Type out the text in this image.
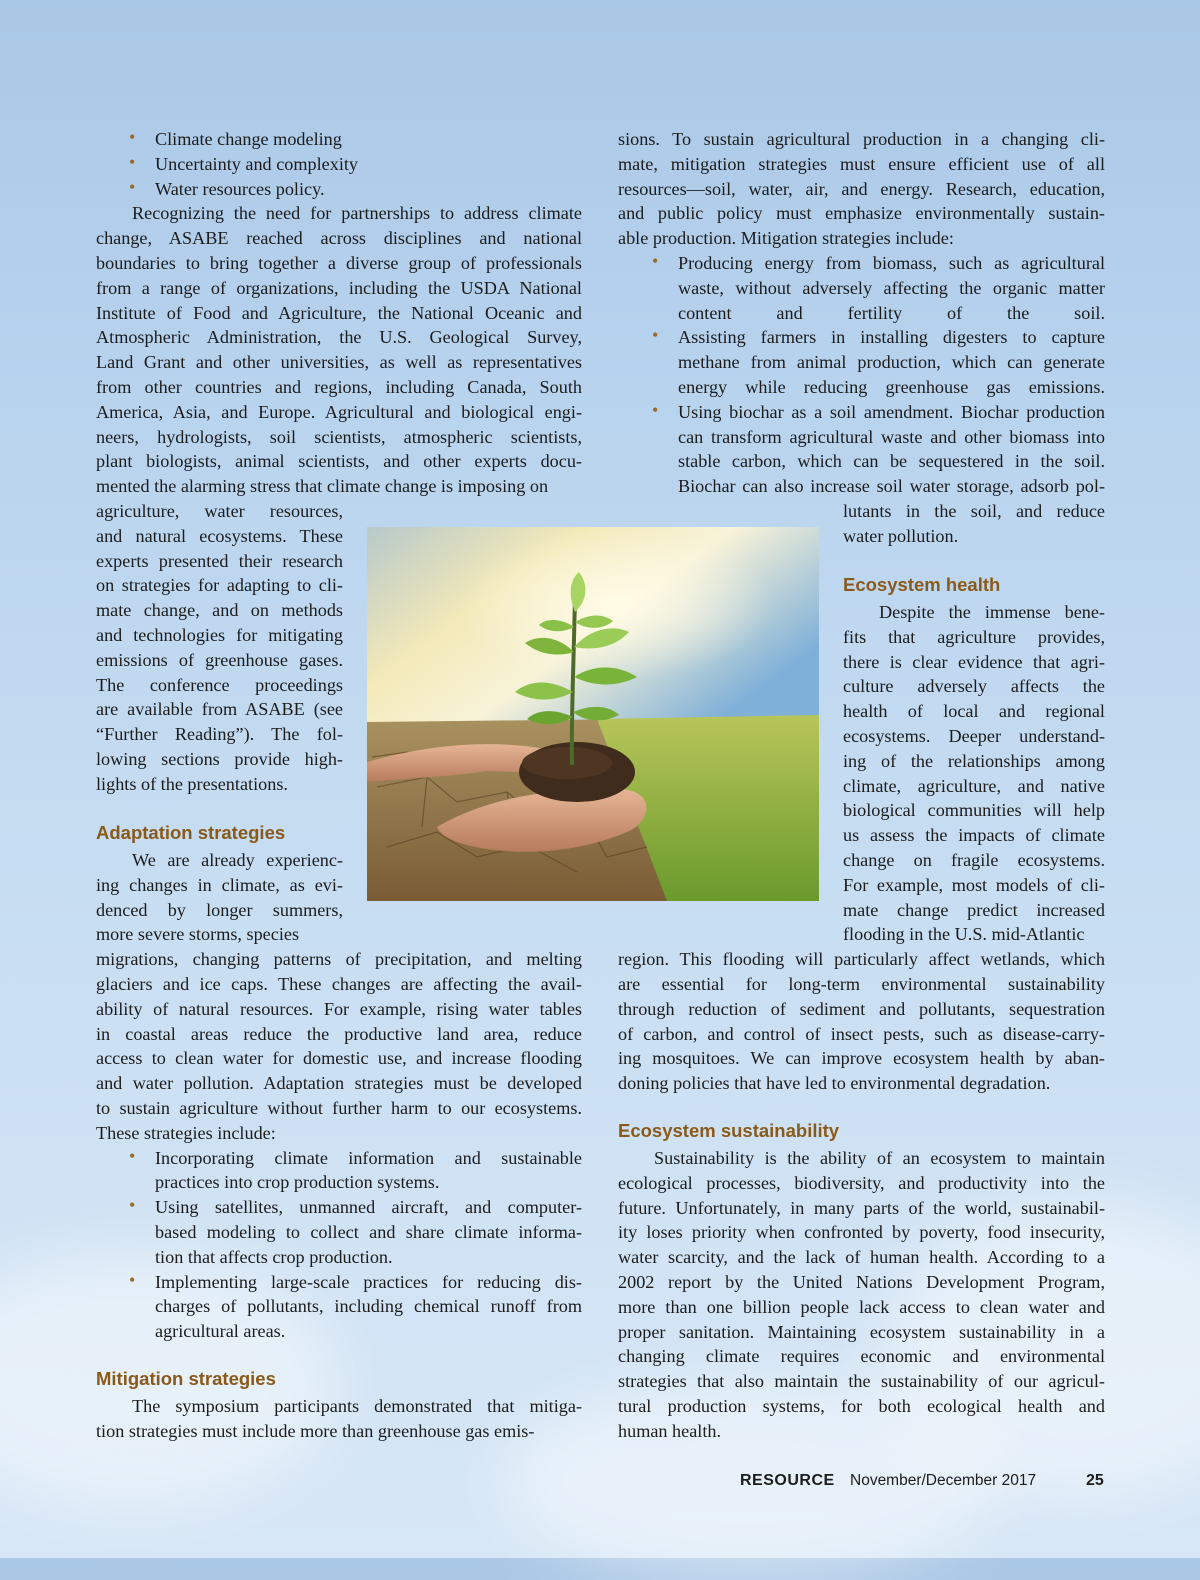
• Climate change modeling

• Uncertainty and complexity

• Water resources policy.

Recognizing the need for partnerships to address climate

change, ASABE reached across disciplines and national

boundaries to bring together a diverse group of professionals

from a range of organizations, including the USDA National

Institute of Food and Agriculture, the National Oceanic and

Atmospheric Administration, the U.S. Geological Survey,

Land Grant and other universities, as well as representatives

from other countries and regions, including Canada, South

America, Asia, and Europe. Agricultural and biological engi-

neers, hydrologists, soil scientists, atmospheric scientists,

plant biologists, animal scientists, and other experts docu-

mented the alarming stress that climate change is imposing on

agriculture, water resources,

and natural ecosystems. These

experts presented their research

on strategies for adapting to cli-

mate change, and on methods

and technologies for mitigating

emissions of greenhouse gases.

The conference proceedings

are available from ASABE (see

“Further Reading”). The fol-

lowing sections provide high-

lights of the presentations.

Adaptation strategies

We are already experienc-

ing changes in climate, as evi-

denced by longer summers,

more severe storms, species

migrations, changing patterns of precipitation, and melting

glaciers and ice caps. These changes are affecting the avail-

ability of natural resources. For example, rising water tables

in coastal areas reduce the productive land area, reduce

access to clean water for domestic use, and increase flooding

and water pollution. Adaptation strategies must be developed

to sustain agriculture without further harm to our ecosystems.

These strategies include:

• Incorporating climate information and sustainable

practices into crop production systems.

• Using satellites, unmanned aircraft, and computer-

based modeling to collect and share climate informa-

tion that affects crop production.

• Implementing large-scale practices for reducing dis-

charges of pollutants, including chemical runoff from

agricultural areas.

Mitigation strategies

The symposium participants demonstrated that mitiga-

tion strategies must include more than greenhouse gas emis-

sions. To sustain agricultural production in a changing cli-

mate, mitigation strategies must ensure efficient use of all

resources—soil, water, air, and energy. Research, education,

and public policy must emphasize environmentally sustain-

able production. Mitigation strategies include:

• Producing energy from biomass, such as agricultural

waste, without adversely affecting the organic matter

content and fertility of the soil.

• Assisting farmers in installing digesters to capture

methane from animal production, which can generate

energy while reducing greenhouse gas emissions.

• Using biochar as a soil amendment. Biochar production

can transform agricultural waste and other biomass into

stable carbon, which can be sequestered in the soil.

Biochar can also increase soil water storage, adsorb pol-

lutants in the soil, and reduce

water pollution.

Ecosystem health

Despite the immense bene-

fits that agriculture provides,

there is clear evidence that agri-

culture adversely affects the

health of local and regional

ecosystems. Deeper understand-

ing of the relationships among

climate, agriculture, and native

biological communities will help

us assess the impacts of climate

change on fragile ecosystems.

For example, most models of cli-

mate change predict increased

flooding in the U.S. mid-Atlantic

region. This flooding will particularly affect wetlands, which

are essential for long-term environmental sustainability

through reduction of sediment and pollutants, sequestration

of carbon, and control of insect pests, such as disease-carry-

ing mosquitoes. We can improve ecosystem health by aban-

doning policies that have led to environmental degradation.

Ecosystem sustainability

Sustainability is the ability of an ecosystem to maintain

ecological processes, biodiversity, and productivity into the

future. Unfortunately, in many parts of the world, sustainabil-

ity loses priority when confronted by poverty, food insecurity,

water scarcity, and the lack of human health. According to a

2002 report by the United Nations Development Program,

more than one billion people lack access to clean water and

proper sanitation. Maintaining ecosystem sustainability in a

changing climate requires economic and environmental

strategies that also maintain the sustainability of our agricul-

tural production systems, for both ecological health and

human health.

RESOURCE November/December 2017	25
